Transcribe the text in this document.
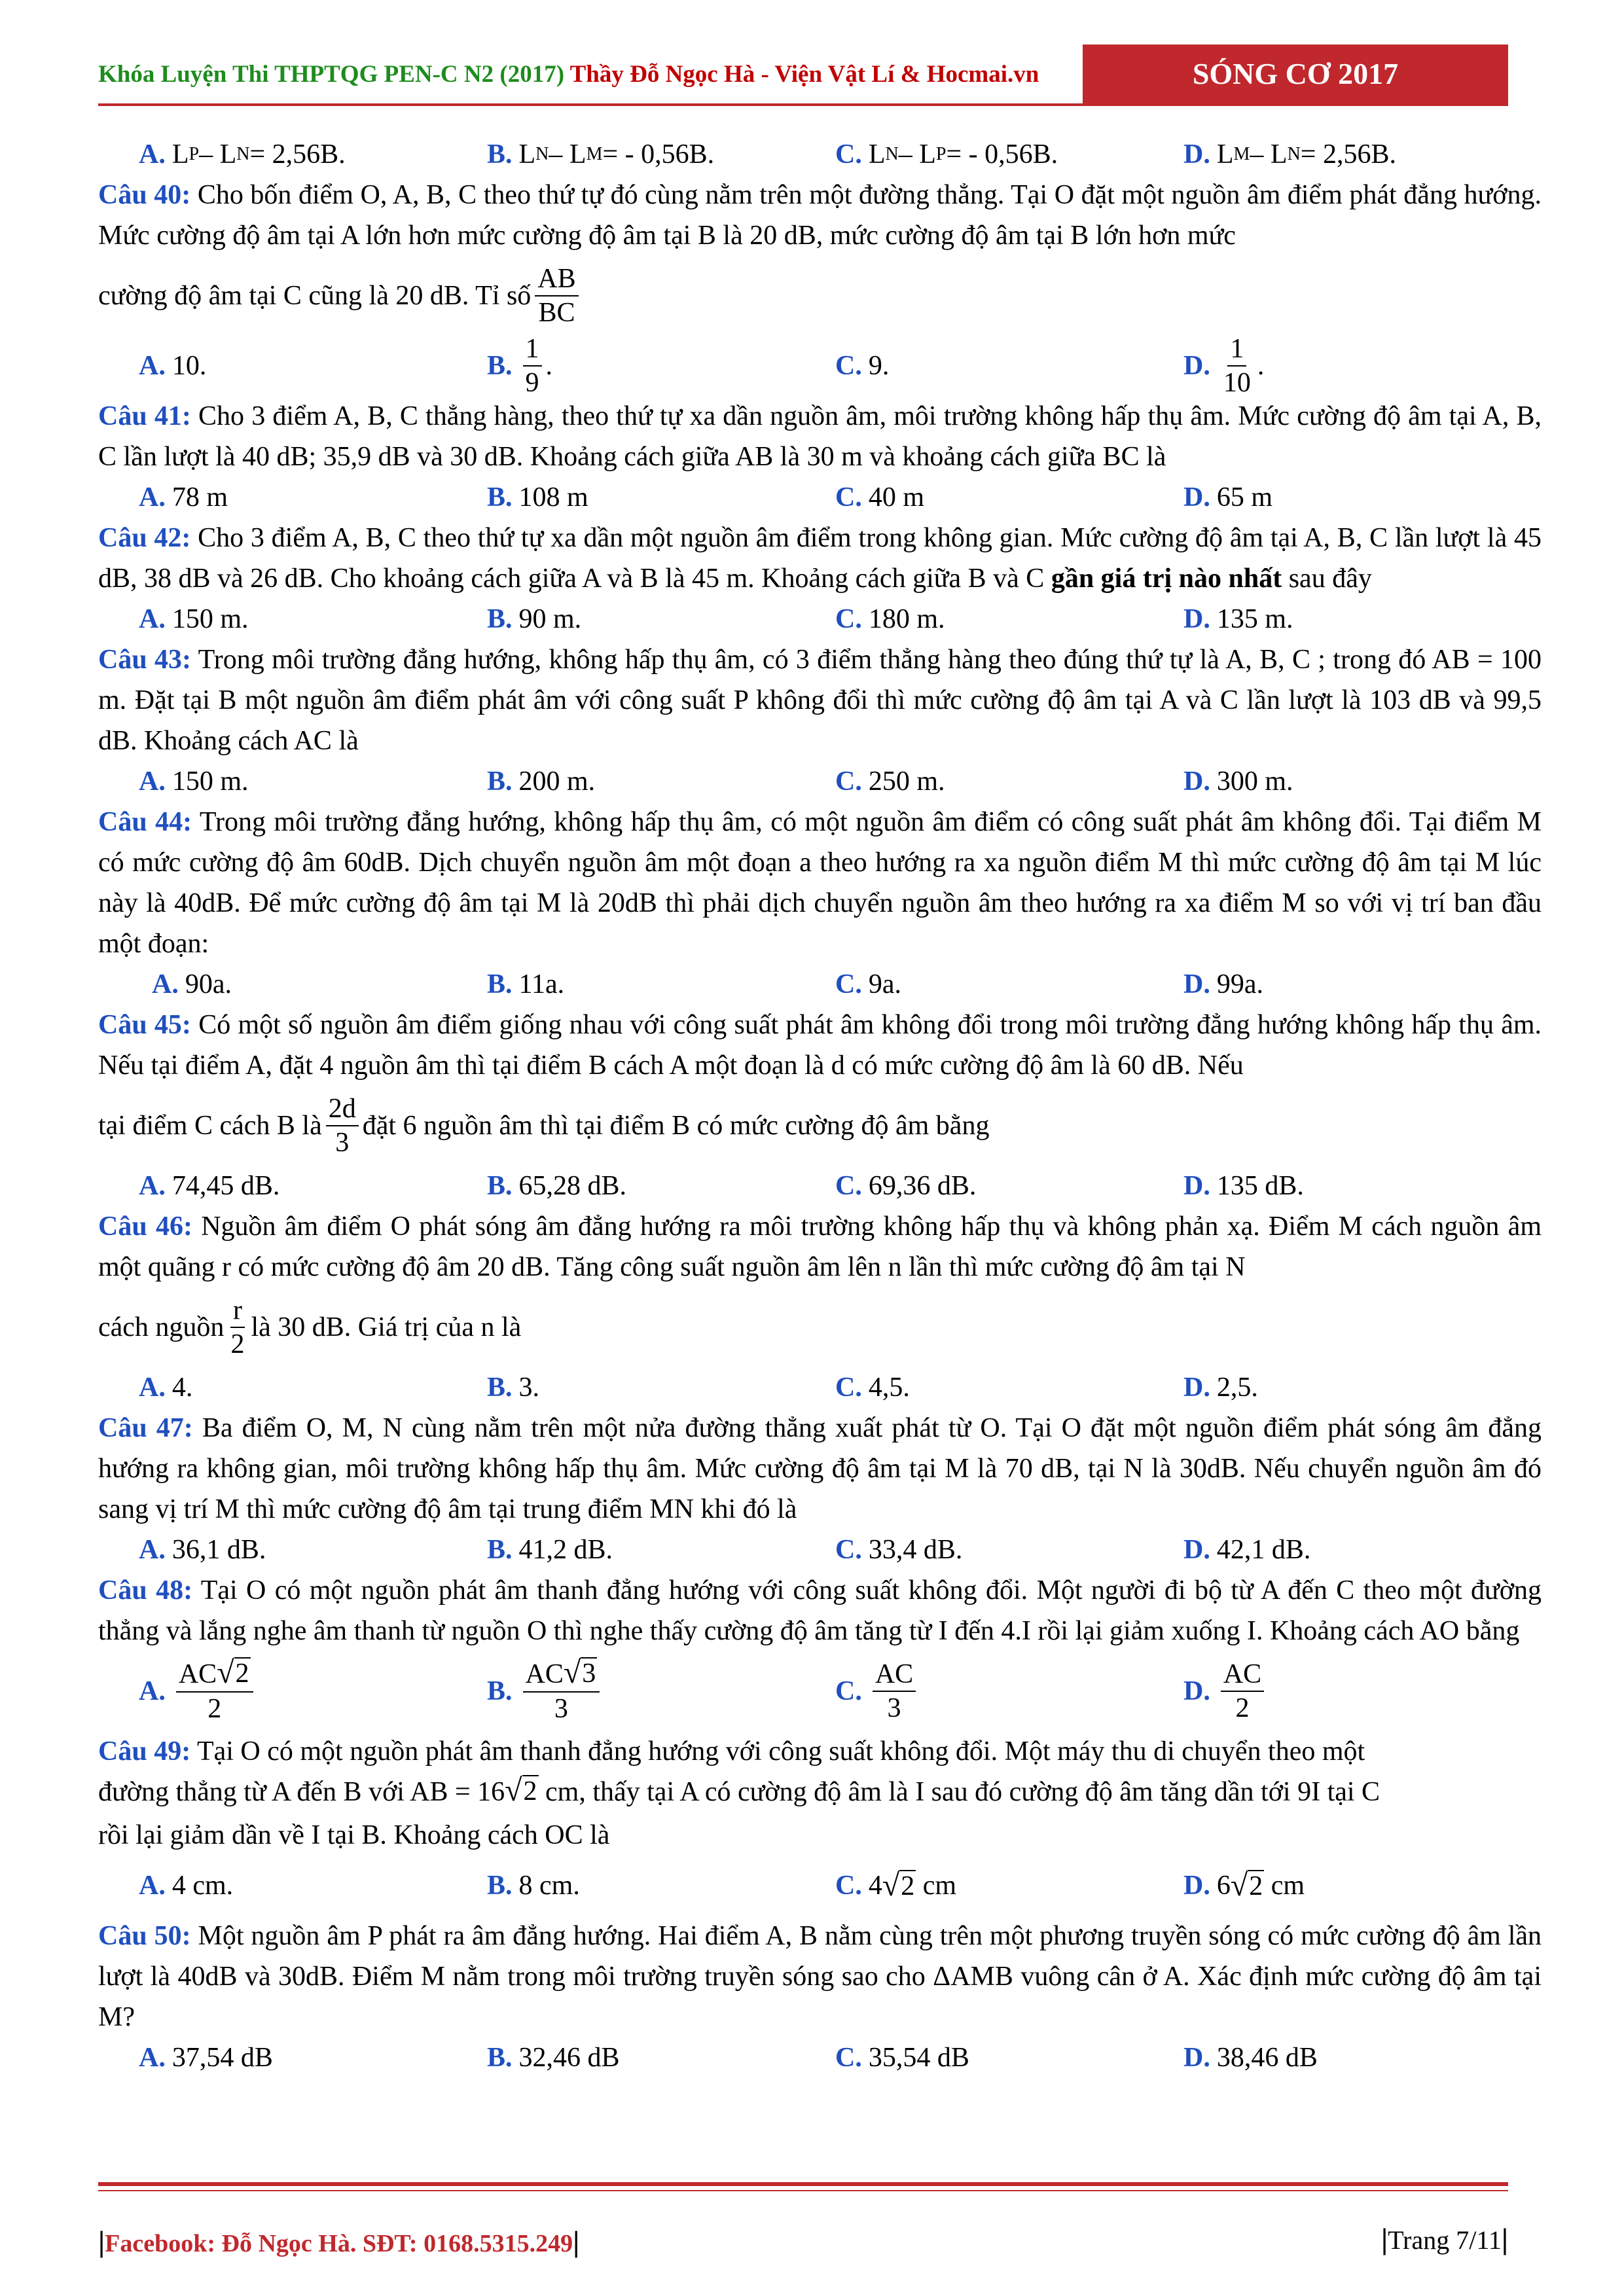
Khóa Luyện Thi THPTQG PEN-C N2 (2017) Thầy Đỗ Ngọc Hà - Viện Vật Lí & Hocmai.vn	SÓNG CƠ 2017
A. L P – L N = 2,56B.	B. L N – L M = - 0,56B.	C. L N – L P = - 0,56B.	D. L M – L N = 2,56B.

Câu 40: Cho bốn điểm O, A, B, C theo thứ tự đó cùng nằm trên một đường thẳng. Tại O đặt một nguồn âm điểm phát đẳng hướng. Mức cường độ âm tại A lớn hơn mức cường độ âm tại B là 20 dB, mức cường độ âm tại B lớn hơn mức

cường độ âm tại C cũng là 20 dB. Tỉ số $\frac{AB}{BC}$
A. 10.	B. $\frac{1}{9}$ .	C. 9.	D. $\frac{1}{10}$ .

Câu 41: Cho 3 điểm A, B, C thẳng hàng, theo thứ tự xa dần nguồn âm, môi trường không hấp thụ âm. Mức cường độ âm tại A, B, C lần lượt là 40 dB; 35,9 dB và 30 dB. Khoảng cách giữa AB là 30 m và khoảng cách giữa BC là

A. 78 m	B. 108 m	C. 40 m	D. 65 m

Câu 42: Cho 3 điểm A, B, C theo thứ tự xa dần một nguồn âm điểm trong không gian. Mức cường độ âm tại A, B, C lần lượt là 45 dB, 38 dB và 26 dB. Cho khoảng cách giữa A và B là 45 m. Khoảng cách giữa B và C gần giá trị nào nhất sau đây

A. 150 m.	B. 90 m.	C. 180 m.	D. 135 m.

Câu 43: Trong môi trường đẳng hướng, không hấp thụ âm, có 3 điểm thẳng hàng theo đúng thứ tự là A, B, C ; trong đó AB = 100 m. Đặt tại B một nguồn âm điểm phát âm với công suất P không đổi thì mức cường độ âm tại A và C lần lượt là 103 dB và 99,5 dB. Khoảng cách AC là

A. 150 m.	B. 200 m.	C. 250 m.	D. 300 m.

Câu 44: Trong môi trường đẳng hướng, không hấp thụ âm, có một nguồn âm điểm có công suất phát âm không đổi. Tại điểm M có mức cường độ âm 60dB. Dịch chuyển nguồn âm một đoạn a theo hướng ra xa nguồn điểm M thì mức cường độ âm tại M lúc này là 40dB. Để mức cường độ âm tại M là 20dB thì phải dịch chuyển nguồn âm theo hướng ra xa điểm M so với vị trí ban đầu một đoạn:

A. 90a.	B. 11a.	C. 9a.	D. 99a.

Câu 45: Có một số nguồn âm điểm giống nhau với công suất phát âm không đổi trong môi trường đẳng hướng không hấp thụ âm. Nếu tại điểm A, đặt 4 nguồn âm thì tại điểm B cách A một đoạn là d có mức cường độ âm là 60 dB. Nếu

tại điểm C cách B là $\frac{2d}{3}$ đặt 6 nguồn âm thì tại điểm B có mức cường độ âm bằng
A. 74,45 dB.	B. 65,28 dB.	C. 69,36 dB.	D. 135 dB.

Câu 46: Nguồn âm điểm O phát sóng âm đẳng hướng ra môi trường không hấp thụ và không phản xạ. Điểm M cách nguồn âm một quãng r có mức cường độ âm 20 dB. Tăng công suất nguồn âm lên n lần thì mức cường độ âm tại N

cách nguồn $\frac{r}{2}$ là 30 dB. Giá trị của n là
A. 4.	B. 3.	C. 4,5.	D. 2,5.

Câu 47: Ba điểm O, M, N cùng nằm trên một nửa đường thẳng xuất phát từ O. Tại O đặt một nguồn điểm phát sóng âm đẳng hướng ra không gian, môi trường không hấp thụ âm. Mức cường độ âm tại M là 70 dB, tại N là 30dB. Nếu chuyển nguồn âm đó sang vị trí M thì mức cường độ âm tại trung điểm MN khi đó là

A. 36,1 dB.	B. 41,2 dB.	C. 33,4 dB.	D. 42,1 dB.

Câu 48: Tại O có một nguồn phát âm thanh đẳng hướng với công suất không đổi. Một người đi bộ từ A đến C theo một đường thẳng và lắng nghe âm thanh từ nguồn O thì nghe thấy cường độ âm tăng từ I đến 4.I rồi lại giảm xuống I. Khoảng cách AO bằng

A. $\frac{AC √ 2}{2}$	B. $\frac{AC √ 3}{3}$	C. $\frac{AC}{3}$	D. $\frac{AC}{2}$

Câu 49: Tại O có một nguồn phát âm thanh đẳng hướng với công suất không đổi. Một máy thu di chuyển theo một

đường thẳng từ A đến B với AB = 16 √ 2 cm, thấy tại A có cường độ âm là I sau đó cường độ âm tăng dần tới 9I tại C

rồi lại giảm dần về I tại B. Khoảng cách OC là

A. 4 cm.	B. 8 cm.	C. 4 √ 2
cm	D. 6 √ 2
cm

Câu 50: Một nguồn âm P phát ra âm đẳng hướng. Hai điểm A, B nằm cùng trên một phương truyền sóng có mức cường độ âm lần lượt là 40dB và 30dB. Điểm M nằm trong môi trường truyền sóng sao cho ΔAMB vuông cân ở A. Xác định mức cường độ âm tại M?

A. 37,54 dB	B. 32,46 dB	C. 35,54 dB	D. 38,46 dB
|Facebook: Đỗ Ngọc Hà. SĐT: 0168.5315.249|	|Trang 7/11|
